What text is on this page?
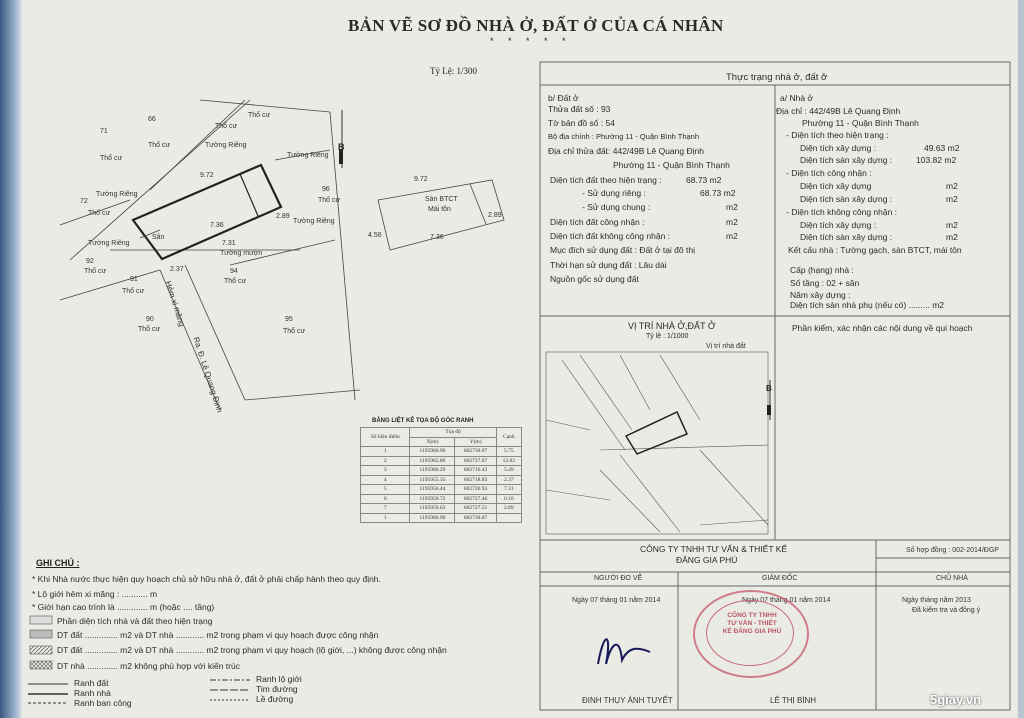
BẢN VẼ SƠ ĐỒ NHÀ Ở, ĐẤT Ở CỦA CÁ NHÂN
* * * * *
Tỷ Lệ: 1/300
71
66
72
92
91
90
94
95
96
Thổ cư
Thổ cư
Thổ cư
Thổ cư
Thổ cư
Thổ cư
Thổ cư
Thổ cư
Thổ cư
Thổ cư
Thổ cư
Tường Riêng
Tường Riêng
Tường Riêng
Tường Riêng
Tường Riêng
Tường mượn
Sân
7.36
7.31
2.37
2.89
9.72
Hẻm xi măng
Ra. Đ. Lê Quang Định
B
Sàn BTCT
Mái tôn
9.72
7.36
4.56
2.89
BẢNG LIỆT KÊ TỌA ĐỘ GÓC RANH
Số hiệu điểm	Tọa độ		Cạnh
	X(m)	Y(m)	
1	1195960.90	602730.07	5.75
2	1195965.80	602727.07	12.02
3	1195960.29	602716.43	5.49
4	1195955.35	602718.83	2.37
5	1195956.44	602720.93	7.31
6	1195959.72	602727.46	0.10
7	1195959.63	602727.51	2.89
1	1195960.90	602730.07	
GHI CHÚ :
* Khi Nhà nước thực hiện quy hoạch chủ sở hữu nhà ở, đất ở phải chấp hành theo quy định.
* Lộ giới hẻm xi măng : ........... m
* Giới hạn cao trình là ............. m (hoặc .... tầng)
Phần diện tích nhà và đất theo hiện trạng
DT đất .............. m2 và DT nhà ............ m2 trong phạm vi quy hoạch được công nhận
DT đất .............. m2 và DT nhà ............ m2 trong phạm vi quy hoạch (lộ giới, ...) không được công nhận
DT nhà ............. m2 không phù hợp với kiến trúc
Ranh đất
Ranh nhà
Ranh ban công
Ranh lộ giới
Tim đường
Lề đường
Thực trạng nhà ở, đất ở
b/ Đất ở
Thửa đất số : 93
Tờ bản đồ số : 54
Bộ địa chính : Phường 11 - Quận Bình Thạnh
Địa chỉ thửa đất: 442/49B Lê Quang Định
Phường 11 - Quận Bình Thạnh
Diện tích đất theo hiện trạng :	68.73 m2
- Sử dụng riêng :	68.73 m2
- Sử dụng chung :	m2
Diện tích đất công nhận :	m2
Diện tích đất không công nhận :	m2
Mục đích sử dụng đất : Đất ở tại đô thị
Thời hạn sử dụng đất : Lâu dài
Nguồn gốc sử dụng đất
a/ Nhà ở
Địa chỉ : 442/49B Lê Quang Định
Phường 11 - Quận Bình Thạnh
- Diện tích theo hiện trạng :
Diện tích xây dựng :	49.63 m2
Diện tích sàn xây dựng :	103.82 m2
- Diện tích công nhận :
Diện tích xây dựng	m2
Diện tích sàn xây dựng :	m2
- Diện tích không công nhận :
Diện tích xây dựng :	m2
Diện tích sàn xây dựng :	m2
Kết cấu nhà : Tường gạch, sàn BTCT, mái tôn
Cấp (hạng) nhà :
Số tầng : 02 + sân
Năm xây dựng :
Diện tích sàn nhà phụ (nếu có) ......... m2
VỊ TRÍ NHÀ Ở,ĐẤT Ở
Tỷ lệ : 1/1000
Vị trí nhà đất
B
Phần kiểm, xác nhận các nội dung về qui hoạch
CÔNG TY TNHH TƯ VẤN & THIẾT KẾ
ĐĂNG GIA PHÚ
Số hợp đồng : 002-2014/ĐGP
NGƯỜI ĐO VẼ	GIÁM ĐỐC	CHỦ NHÀ
Ngày 07 tháng 01 năm 2014	Ngày 07 tháng 01 năm 2014	Ngày tháng năm 2013
Đã kiểm tra và đồng ý
ĐINH THỤY ÁNH TUYẾT	LÊ THỊ BÌNH
CÔNG TY TNHH TƯ VẤN - THIẾT KẾ ĐĂNG GIA PHÚ
5giay.vn
